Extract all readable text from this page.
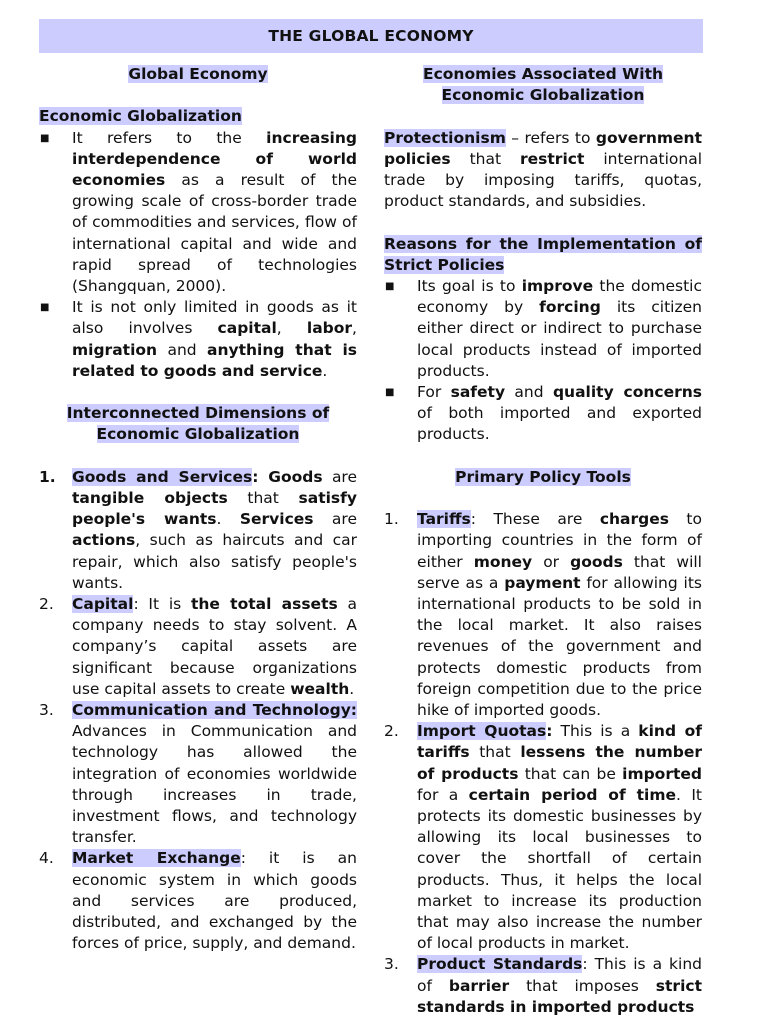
THE GLOBAL ECONOMY
Global Economy
Economic Globalization
■ It refers to the increasing interdependence of world economies as a result of the growing scale of cross-border trade of commodities and services, flow of international capital and wide and rapid spread of technologies (Shangquan, 2000).
■ It is not only limited in goods as it also involves capital, labor, migration and anything that is related to goods and service.
Interconnected Dimensions of Economic Globalization
1. Goods and Services: Goods are tangible objects that satisfy people's wants. Services are actions, such as haircuts and car repair, which also satisfy people's wants.
2. Capital: It is the total assets a company needs to stay solvent. A company’s capital assets are significant because organizations use capital assets to create wealth.
3. Communication and Technology: Advances in Communication and technology has allowed the integration of economies worldwide through increases in trade, investment flows, and technology transfer.
4. Market Exchange: it is an economic system in which goods and services are produced, distributed, and exchanged by the forces of price, supply, and demand.
Economies Associated With Economic Globalization
Protectionism – refers to government policies that restrict international trade by imposing tariffs, quotas, product standards, and subsidies.
Reasons for the Implementation of Strict Policies
■ Its goal is to improve the domestic economy by forcing its citizen either direct or indirect to purchase local products instead of imported products.
■ For safety and quality concerns of both imported and exported products.
Primary Policy Tools
1. Tariffs: These are charges to importing countries in the form of either money or goods that will serve as a payment for allowing its international products to be sold in the local market. It also raises revenues of the government and protects domestic products from foreign competition due to the price hike of imported goods.
2. Import Quotas: This is a kind of tariffs that lessens the number of products that can be imported for a certain period of time. It protects its domestic businesses by allowing its local businesses to cover the shortfall of certain products. Thus, it helps the local market to increase its production that may also increase the number of local products in market.
3. Product Standards: This is a kind of barrier that imposes strict standards in imported products
